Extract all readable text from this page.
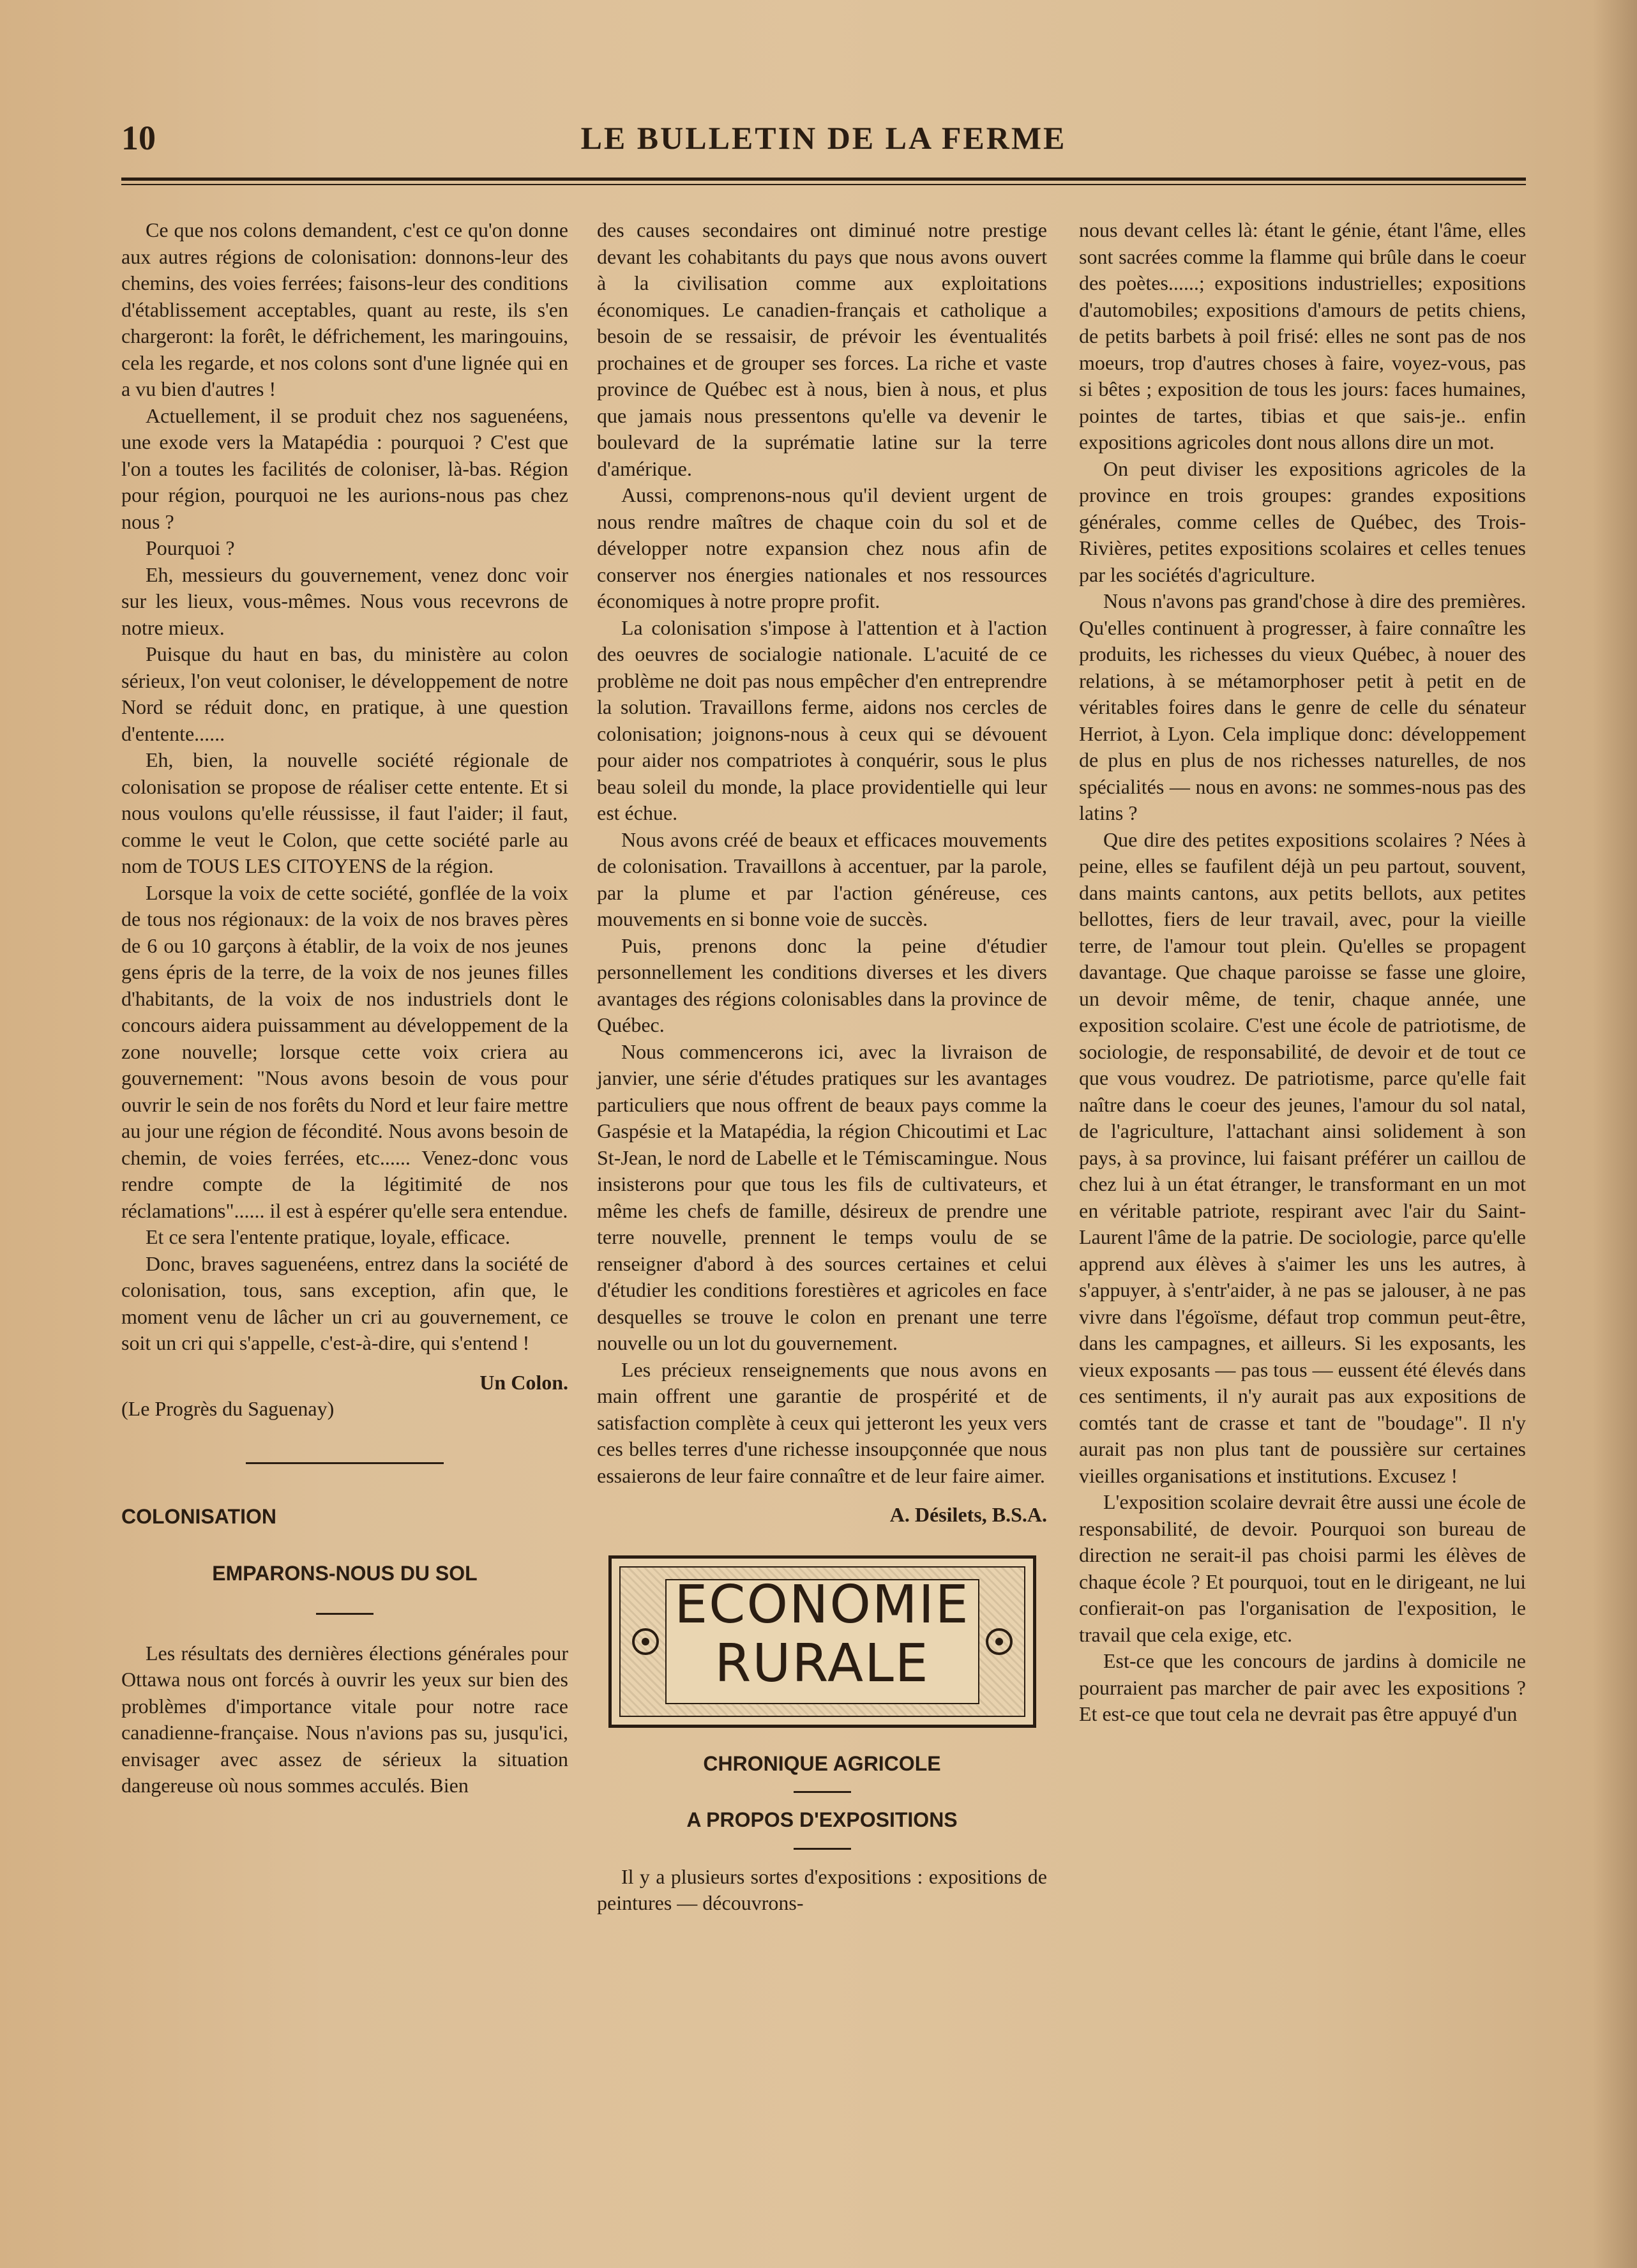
10	LE BULLETIN DE LA FERME

Ce que nos colons demandent, c'est ce qu'on donne aux autres régions de colonisation: donnons-leur des chemins, des voies ferrées; faisons-leur des conditions d'établissement acceptables, quant au reste, ils s'en chargeront: la forêt, le défrichement, les maringouins, cela les regarde, et nos colons sont d'une lignée qui en a vu bien d'autres !

Actuellement, il se produit chez nos saguenéens, une exode vers la Matapédia : pourquoi ? C'est que l'on a toutes les facilités de coloniser, là-bas. Région pour région, pourquoi ne les aurions-nous pas chez nous ?

Pourquoi ?

Eh, messieurs du gouvernement, venez donc voir sur les lieux, vous-mêmes. Nous vous recevrons de notre mieux.

Puisque du haut en bas, du ministère au colon sérieux, l'on veut coloniser, le développement de notre Nord se réduit donc, en pratique, à une question d'entente......

Eh, bien, la nouvelle société régionale de colonisation se propose de réaliser cette entente. Et si nous voulons qu'elle réussisse, il faut l'aider; il faut, comme le veut le Colon, que cette société parle au nom de TOUS LES CITOYENS de la région.

Lorsque la voix de cette société, gonflée de la voix de tous nos régionaux: de la voix de nos braves pères de 6 ou 10 garçons à établir, de la voix de nos jeunes gens épris de la terre, de la voix de nos jeunes filles d'habitants, de la voix de nos industriels dont le concours aidera puissamment au développement de la zone nouvelle; lorsque cette voix criera au gouvernement: "Nous avons besoin de vous pour ouvrir le sein de nos forêts du Nord et leur faire mettre au jour une région de fécondité. Nous avons besoin de chemin, de voies ferrées, etc...... Venez-donc vous rendre compte de la légitimité de nos réclamations"...... il est à espérer qu'elle sera entendue.

Et ce sera l'entente pratique, loyale, efficace.

Donc, braves saguenéens, entrez dans la société de colonisation, tous, sans exception, afin que, le moment venu de lâcher un cri au gouvernement, ce soit un cri qui s'appelle, c'est-à-dire, qui s'entend !

Un Colon.

(Le Progrès du Saguenay)

COLONISATION
EMPARONS-NOUS DU SOL

Les résultats des dernières élections générales pour Ottawa nous ont forcés à ouvrir les yeux sur bien des problèmes d'importance vitale pour notre race canadienne-française. Nous n'avions pas su, jusqu'ici, envisager avec assez de sérieux la situation dangereuse où nous sommes acculés. Bien

des causes secondaires ont diminué notre prestige devant les cohabitants du pays que nous avons ouvert à la civilisation comme aux exploitations économiques. Le canadien-français et catholique a besoin de se ressaisir, de prévoir les éventualités prochaines et de grouper ses forces. La riche et vaste province de Québec est à nous, bien à nous, et plus que jamais nous pressentons qu'elle va devenir le boulevard de la suprématie latine sur la terre d'amérique.

Aussi, comprenons-nous qu'il devient urgent de nous rendre maîtres de chaque coin du sol et de développer notre expansion chez nous afin de conserver nos énergies nationales et nos ressources économiques à notre propre profit.

La colonisation s'impose à l'attention et à l'action des oeuvres de socialogie nationale. L'acuité de ce problème ne doit pas nous empêcher d'en entreprendre la solution. Travaillons ferme, aidons nos cercles de colonisation; joignons-nous à ceux qui se dévouent pour aider nos compatriotes à conquérir, sous le plus beau soleil du monde, la place providentielle qui leur est échue.

Nous avons créé de beaux et efficaces mouvements de colonisation. Travaillons à accentuer, par la parole, par la plume et par l'action généreuse, ces mouvements en si bonne voie de succès.

Puis, prenons donc la peine d'étudier personnellement les conditions diverses et les divers avantages des régions colonisables dans la province de Québec.

Nous commencerons ici, avec la livraison de janvier, une série d'études pratiques sur les avantages particuliers que nous offrent de beaux pays comme la Gaspésie et la Matapédia, la région Chicoutimi et Lac St-Jean, le nord de Labelle et le Témiscamingue. Nous insisterons pour que tous les fils de cultivateurs, et même les chefs de famille, désireux de prendre une terre nouvelle, prennent le temps voulu de se renseigner d'abord à des sources certaines et celui d'étudier les conditions forestières et agricoles en face desquelles se trouve le colon en prenant une terre nouvelle ou un lot du gouvernement.

Les précieux renseignements que nous avons en main offrent une garantie de prospérité et de satisfaction complète à ceux qui jetteront les yeux vers ces belles terres d'une richesse insoupçonnée que nous essaierons de leur faire connaître et de leur faire aimer.

A. Désilets, B.S.A.
ECONOMIE
RURALE
CHRONIQUE AGRICOLE
A PROPOS D'EXPOSITIONS

Il y a plusieurs sortes d'expositions : expositions de peintures — découvrons-

nous devant celles là: étant le génie, étant l'âme, elles sont sacrées comme la flamme qui brûle dans le coeur des poètes......; expositions industrielles; expositions d'automobiles; expositions d'amours de petits chiens, de petits barbets à poil frisé: elles ne sont pas de nos moeurs, trop d'autres choses à faire, voyez-vous, pas si bêtes ; exposition de tous les jours: faces humaines, pointes de tartes, tibias et que sais-je.. enfin expositions agricoles dont nous allons dire un mot.

On peut diviser les expositions agricoles de la province en trois groupes: grandes expositions générales, comme celles de Québec, des Trois-Rivières, petites expositions scolaires et celles tenues par les sociétés d'agriculture.

Nous n'avons pas grand'chose à dire des premières. Qu'elles continuent à progresser, à faire connaître les produits, les richesses du vieux Québec, à nouer des relations, à se métamorphoser petit à petit en de véritables foires dans le genre de celle du sénateur Herriot, à Lyon. Cela implique donc: développement de plus en plus de nos richesses naturelles, de nos spécialités — nous en avons: ne sommes-nous pas des latins ?

Que dire des petites expositions scolaires ? Nées à peine, elles se faufilent déjà un peu partout, souvent, dans maints cantons, aux petits bellots, aux petites bellottes, fiers de leur travail, avec, pour la vieille terre, de l'amour tout plein. Qu'elles se propagent davantage. Que chaque paroisse se fasse une gloire, un devoir même, de tenir, chaque année, une exposition scolaire. C'est une école de patriotisme, de sociologie, de responsabilité, de devoir et de tout ce que vous voudrez. De patriotisme, parce qu'elle fait naître dans le coeur des jeunes, l'amour du sol natal, de l'agriculture, l'attachant ainsi solidement à son pays, à sa province, lui faisant préférer un caillou de chez lui à un état étranger, le transformant en un mot en véritable patriote, respirant avec l'air du Saint-Laurent l'âme de la patrie. De sociologie, parce qu'elle apprend aux élèves à s'aimer les uns les autres, à s'appuyer, à s'entr'aider, à ne pas se jalouser, à ne pas vivre dans l'égoïsme, défaut trop commun peut-être, dans les campagnes, et ailleurs. Si les exposants, les vieux exposants — pas tous — eussent été élevés dans ces sentiments, il n'y aurait pas aux expositions de comtés tant de crasse et tant de "boudage". Il n'y aurait pas non plus tant de poussière sur certaines vieilles organisations et institutions. Excusez !

L'exposition scolaire devrait être aussi une école de responsabilité, de devoir. Pourquoi son bureau de direction ne serait-il pas choisi parmi les élèves de chaque école ? Et pourquoi, tout en le dirigeant, ne lui confierait-on pas l'organisation de l'exposition, le travail que cela exige, etc.

Est-ce que les concours de jardins à domicile ne pourraient pas marcher de pair avec les expositions ? Et est-ce que tout cela ne devrait pas être appuyé d'un
